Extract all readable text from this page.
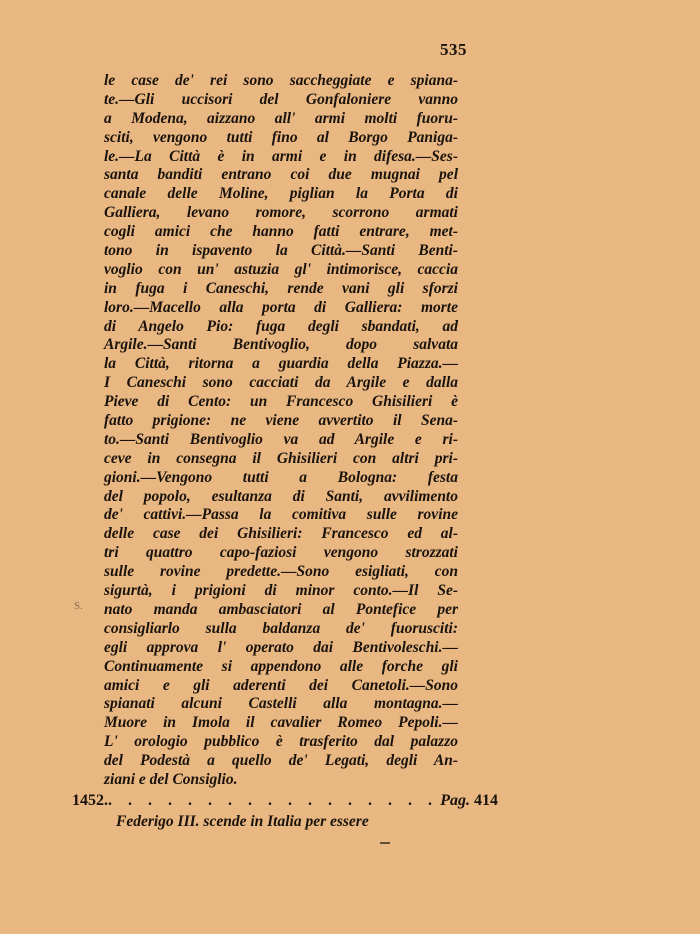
535
S.
le case de' rei sono saccheggiate e spiana-
te.—Gli uccisori del Gonfaloniere vanno
a Modena, aizzano all' armi molti fuoru-
sciti, vengono tutti fino al Borgo Paniga-
le.—La Città è in armi e in difesa.—Ses-
santa banditi entrano coi due mugnai pel
canale delle Moline, piglian la Porta di
Galliera, levano romore, scorrono armati
cogli amici che hanno fatti entrare, met-
tono in ispavento la Città.—Santi Benti-
voglio con un' astuzia gl' intimorisce, caccia
in fuga i Caneschi, rende vani gli sforzi
loro.—Macello alla porta di Galliera: morte
di Angelo Pio: fuga degli sbandati, ad
Argile.—Santi Bentivoglio, dopo salvata
la Città, ritorna a guardia della Piazza.—
I Caneschi sono cacciati da Argile e dalla
Pieve di Cento: un Francesco Ghisilieri è
fatto prigione: ne viene avvertito il Sena-
to.—Santi Bentivoglio va ad Argile e ri-
ceve in consegna il Ghisilieri con altri pri-
gioni.—Vengono tutti a Bologna: festa
del popolo, esultanza di Santi, avvilimento
de' cattivi.—Passa la comitiva sulle rovine
delle case dei Ghisilieri: Francesco ed al-
tri quattro capo-faziosi vengono strozzati
sulle rovine predette.—Sono esigliati, con
sigurtà, i prigioni di minor conto.—Il Se-
nato manda ambasciatori al Pontefice per
consigliarlo sulla baldanza de' fuorusciti:
egli approva l' operato dai Bentivoleschi.—
Continuamente si appendono alle forche gli
amici e gli aderenti dei Canetoli.—Sono
spianati alcuni Castelli alla montagna.—
Muore in Imola il cavalier Romeo Pepoli.—
L' orologio pubblico è trasferito dal palazzo
del Podestà a quello de' Legati, degli An-
ziani e del Consiglio.
1452. . . . . . . . . . . . . . . . . . Pag. 414
Federigo III. scende in Italia per essere
